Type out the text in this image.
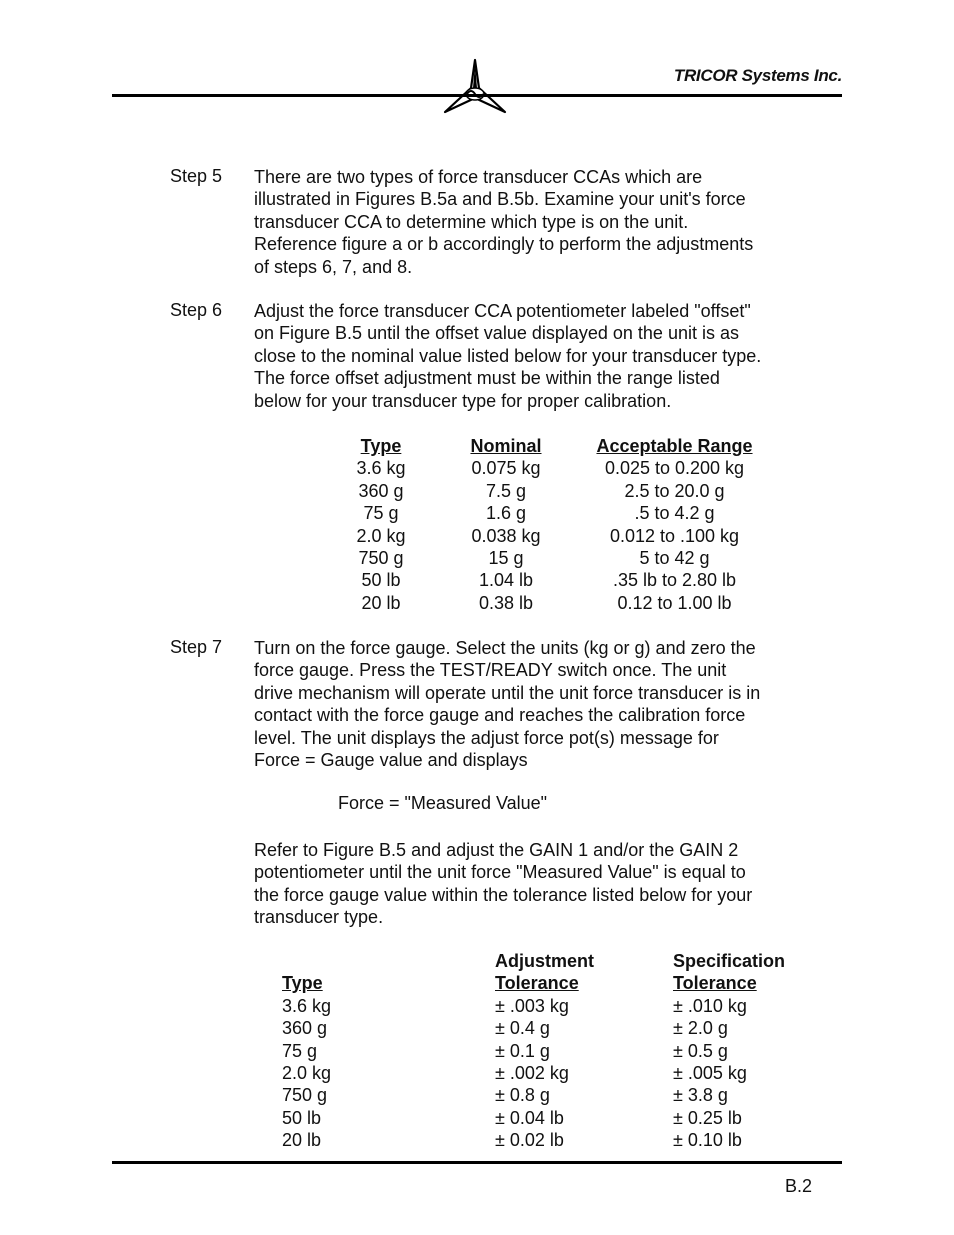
TRICOR Systems Inc.
Step 5 There are two types of force transducer CCAs which are

illustrated in Figures B.5a and B.5b. Examine your unit's force

transducer CCA to determine which type is on the unit.

Reference figure a or b accordingly to perform the adjustments

of steps 6, 7, and 8.

Step 6 Adjust the force transducer CCA potentiometer labeled "offset"

on Figure B.5 until the offset value displayed on the unit is as

close to the nominal value listed below for your transducer type.

The force offset adjustment must be within the range listed

below for your transducer type for proper calibration.

Type	Nominal	Acceptable Range
3.6 kg	0.075 kg	0.025 to 0.200 kg
360 g	7.5 g	2.5 to 20.0 g
75 g	1.6 g	.5 to 4.2 g
2.0 kg	0.038 kg	0.012 to .100 kg
750 g	15 g	5 to 42 g
50 lb	1.04 lb	.35 lb to 2.80 lb
20 lb	0.38 lb	0.12 to 1.00 lb
Step 7 Turn on the force gauge. Select the units (kg or g) and zero the

force gauge. Press the TEST/READY switch once. The unit

drive mechanism will operate until the unit force transducer is in

contact with the force gauge and reaches the calibration force

level. The unit displays the adjust force pot(s) message for

Force = Gauge value and displays

Force = "Measured Value"

Refer to Figure B.5 and adjust the GAIN 1 and/or the GAIN 2

potentiometer until the unit force "Measured Value" is equal to

the force gauge value within the tolerance listed below for your

transducer type.

	Adjustment	Specification
Type	Tolerance	Tolerance
3.6 kg	± .003 kg	± .010 kg
360 g	± 0.4 g	± 2.0 g
75 g	± 0.1 g	± 0.5 g
2.0 kg	± .002 kg	± .005 kg
750 g	± 0.8 g	± 3.8 g
50 lb	± 0.04 lb	± 0.25 lb
20 lb	± 0.02 lb	± 0.10 lb
B.2
